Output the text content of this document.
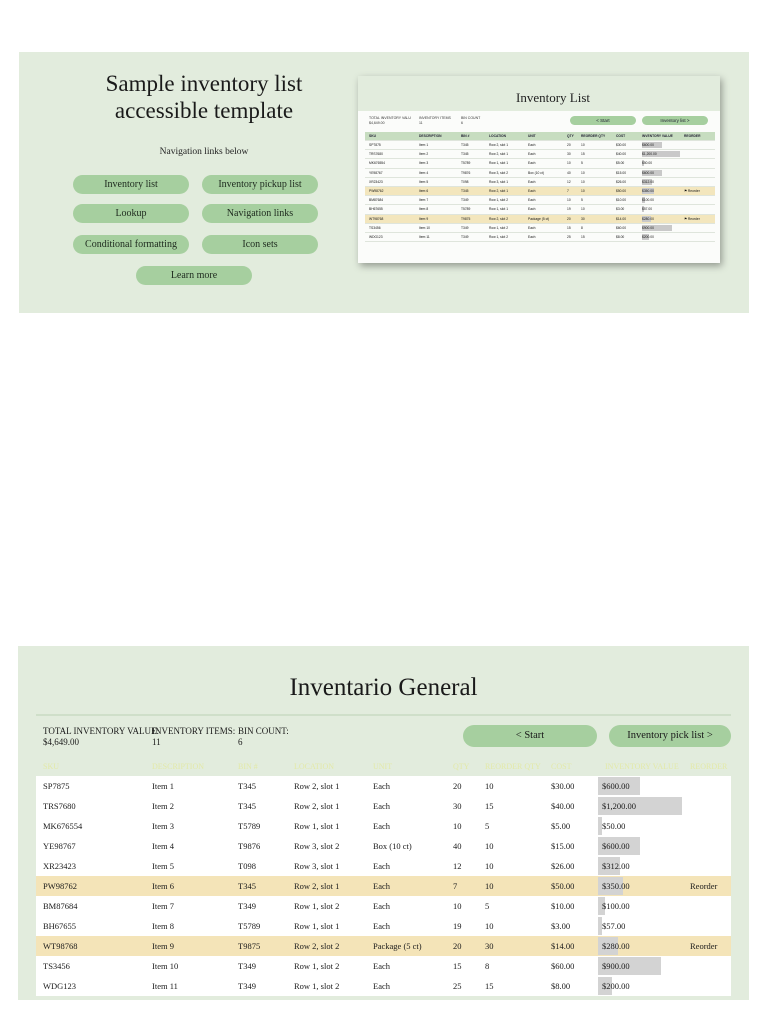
Sample inventory list accessible template
Navigation links below
Inventory list	Inventory pickup list
Lookup	Navigation links
Conditional formatting	Icon sets
Learn more
Inventory List
TOTAL INVENTORY VALU
$4,649.00
INVENTORY ITEMS
11
BIN COUNT
6	< Start	Inventory list >
SKU	DESCRIPTION	BIN #	LOCATION	UNIT	QTY	REORDER QTY	COST	INVENTORY VALUE	REORDER
SP7875	Item 1	T345	Row 2, slot 1	Each	20	10	$30.00	$600.00	
TRS7680	Item 2	T345	Row 2, slot 1	Each	30	15	$40.00	$1,200.00	
MK676554	Item 3	T5789	Row 1, slot 1	Each	10	5	$5.00	$50.00	
YE98767	Item 4	T9876	Row 3, slot 2	Box (10 ct)	40	10	$15.00	$600.00	
XR23423	Item 5	T098	Row 3, slot 1	Each	12	10	$26.00	$312.00	
PW98762	Item 6	T345	Row 2, slot 1	Each	7	10	$50.00	$350.00	⚑ Reorder
BM87684	Item 7	T349	Row 1, slot 2	Each	10	5	$10.00	$100.00	
BH67655	Item 8	T5789	Row 1, slot 1	Each	19	10	$3.00	$57.00	
WT98768	Item 9	T9875	Row 2, slot 2	Package (5 ct)	20	30	$14.00	$280.00	⚑ Reorder
TS3456	Item 10	T349	Row 1, slot 2	Each	15	8	$60.00	$900.00	
WDG123	Item 11	T349	Row 1, slot 2	Each	25	15	$8.00	$200.00	
Inventario General
TOTAL INVENTORY VALUE:
$4,649.00
INVENTORY ITEMS:
11
BIN COUNT:
6
< Start	Inventory pick list >
SKU	DESCRIPTION	BIN #	LOCATION	UNIT	QTY	REORDER QTY	COST	INVENTORY VALUE	REORDER
SP7875	Item 1	T345	Row 2, slot 1	Each	20	10	$30.00	$600.00	
TRS7680	Item 2	T345	Row 2, slot 1	Each	30	15	$40.00	$1,200.00	
MK676554	Item 3	T5789	Row 1, slot 1	Each	10	5	$5.00	$50.00	
YE98767	Item 4	T9876	Row 3, slot 2	Box (10 ct)	40	10	$15.00	$600.00	
XR23423	Item 5	T098	Row 3, slot 1	Each	12	10	$26.00	$312.00	
PW98762	Item 6	T345	Row 2, slot 1	Each	7	10	$50.00	$350.00	Reorder
BM87684	Item 7	T349	Row 1, slot 2	Each	10	5	$10.00	$100.00	
BH67655	Item 8	T5789	Row 1, slot 1	Each	19	10	$3.00	$57.00	
WT98768	Item 9	T9875	Row 2, slot 2	Package (5 ct)	20	30	$14.00	$280.00	Reorder
TS3456	Item 10	T349	Row 1, slot 2	Each	15	8	$60.00	$900.00	
WDG123	Item 11	T349	Row 1, slot 2	Each	25	15	$8.00	$200.00	
